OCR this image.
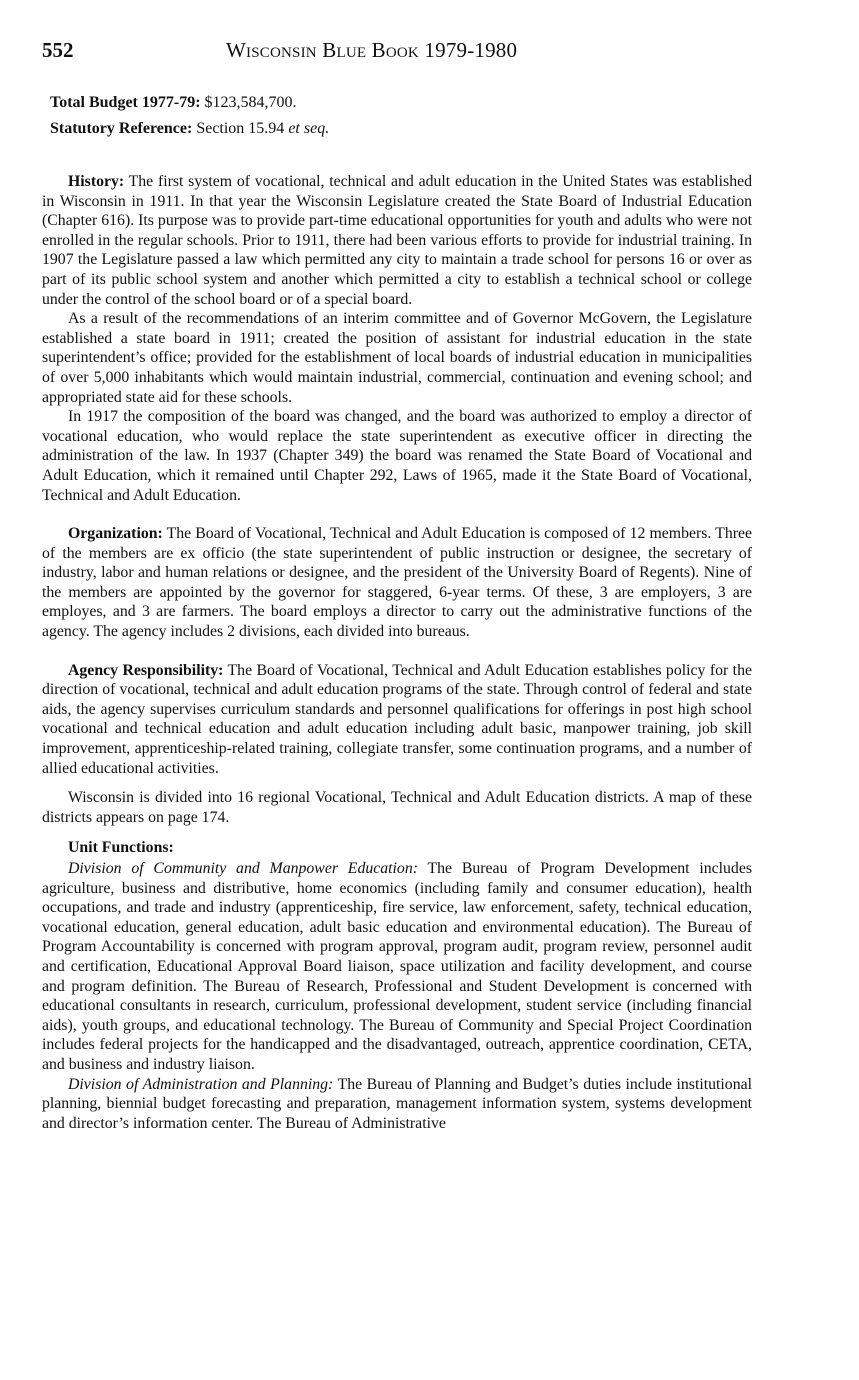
552	Wisconsin Blue Book 1979-1980
Total Budget 1977-79: $123,584,700.
Statutory Reference: Section 15.94 et seq.

History: The first system of vocational, technical and adult education in the United States was established in Wisconsin in 1911. In that year the Wisconsin Legislature created the State Board of Industrial Education (Chapter 616). Its purpose was to provide part-time educational opportunities for youth and adults who were not enrolled in the regular schools. Prior to 1911, there had been various efforts to provide for industrial training. In 1907 the Legislature passed a law which permitted any city to maintain a trade school for persons 16 or over as part of its public school system and another which permitted a city to establish a technical school or college under the control of the school board or of a special board.

As a result of the recommendations of an interim committee and of Governor McGovern, the Legislature established a state board in 1911; created the position of assistant for industrial education in the state superintendent’s office; provided for the establishment of local boards of industrial education in municipalities of over 5,000 inhabitants which would maintain industrial, commercial, continuation and evening school; and appropriated state aid for these schools.

In 1917 the composition of the board was changed, and the board was authorized to employ a director of vocational education, who would replace the state superintendent as executive officer in directing the administration of the law. In 1937 (Chapter 349) the board was renamed the State Board of Vocational and Adult Education, which it remained until Chapter 292, Laws of 1965, made it the State Board of Vocational, Technical and Adult Education.

Organization: The Board of Vocational, Technical and Adult Education is composed of 12 members. Three of the members are ex officio (the state superintendent of public instruction or designee, the secretary of industry, labor and human relations or designee, and the president of the University Board of Regents). Nine of the members are appointed by the governor for staggered, 6-year terms. Of these, 3 are employers, 3 are employes, and 3 are farmers. The board employs a director to carry out the administrative functions of the agency. The agency includes 2 divisions, each divided into bureaus.

Agency Responsibility: The Board of Vocational, Technical and Adult Education establishes policy for the direction of vocational, technical and adult education programs of the state. Through control of federal and state aids, the agency supervises curriculum standards and personnel qualifications for offerings in post high school vocational and technical education and adult education including adult basic, manpower training, job skill improvement, apprenticeship-related training, collegiate transfer, some continuation programs, and a number of allied educational activities.

Wisconsin is divided into 16 regional Vocational, Technical and Adult Education districts. A map of these districts appears on page 174.

Unit Functions:

Division of Community and Manpower Education: The Bureau of Program Development includes agriculture, business and distributive, home economics (including family and consumer education), health occupations, and trade and industry (apprenticeship, fire service, law enforcement, safety, technical education, vocational education, general education, adult basic education and environmental education). The Bureau of Program Accountability is concerned with program approval, program audit, program review, personnel audit and certification, Educational Approval Board liaison, space utilization and facility development, and course and program definition. The Bureau of Research, Professional and Student Development is concerned with educational consultants in research, curriculum, professional development, student service (including financial aids), youth groups, and educational technology. The Bureau of Community and Special Project Coordination includes federal projects for the handicapped and the disadvantaged, outreach, apprentice coordination, CETA, and business and industry liaison.

Division of Administration and Planning: The Bureau of Planning and Budget’s duties include institutional planning, biennial budget forecasting and preparation, management information system, systems development and director’s information center. The Bureau of Administrative
